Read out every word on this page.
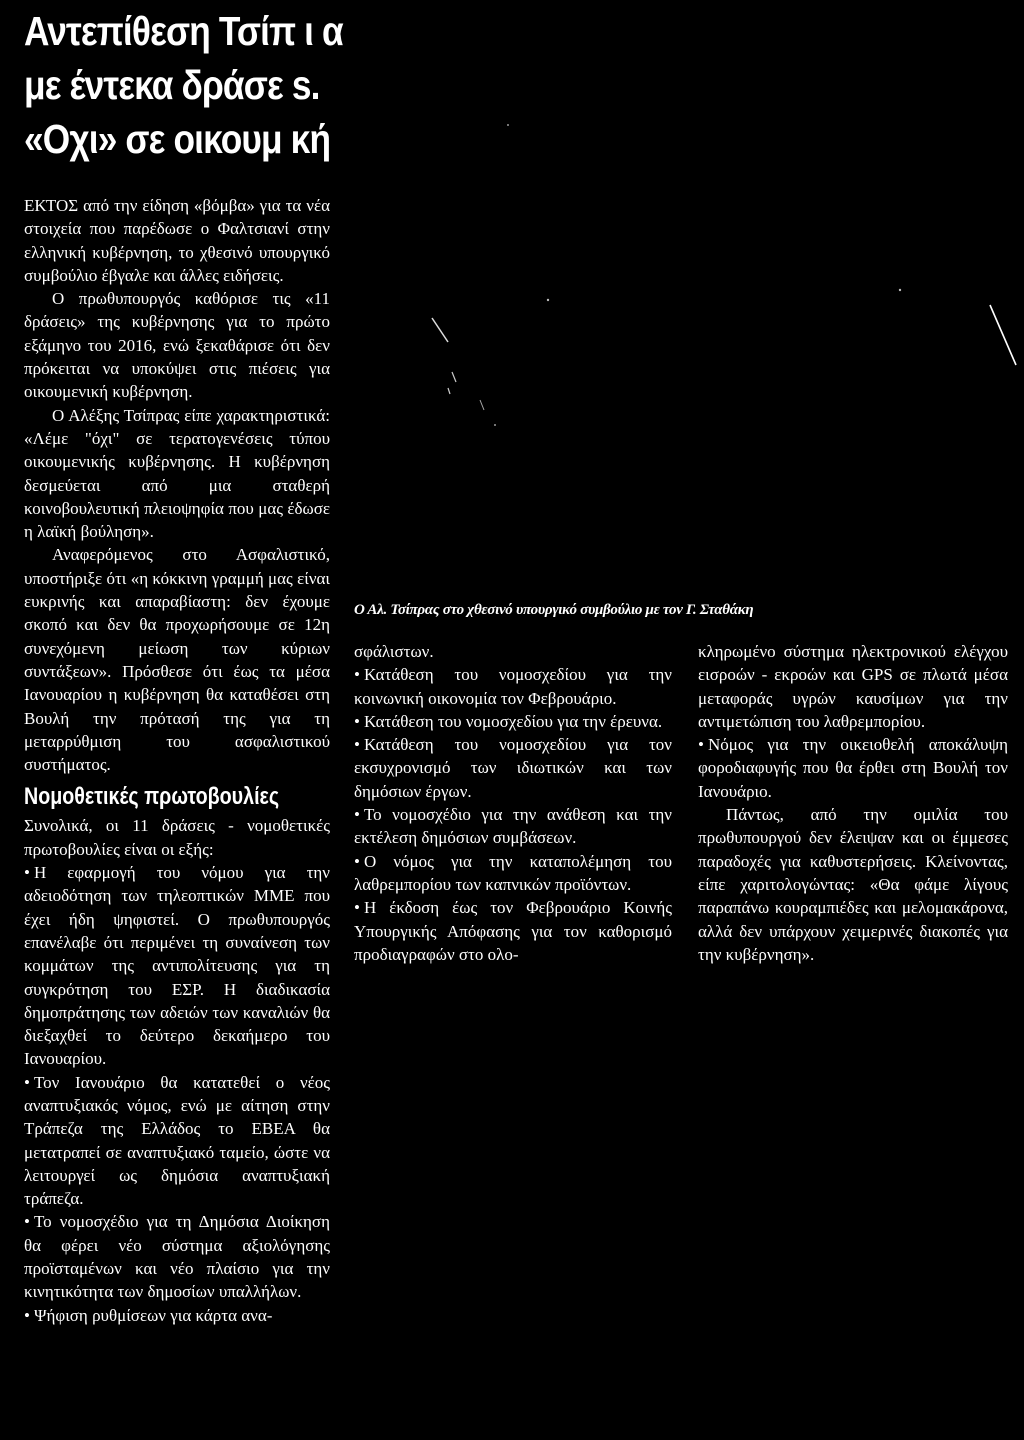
Αντεπίθεση Τσίπ ι α
με έντεκα δράσε s.
«Οχι» σε οικουμ κή
Ο Αλ. Τσίπρας στο χθεσινό υπουργικό συμβούλιο με τον Γ. Σταθάκη

ΕΚΤΟΣ από την είδηση «βόμβα» για τα νέα στοιχεία που παρέδωσε ο Φαλτσιανί στην ελληνική κυβέρνηση, το χθεσινό υπουργικό συμβούλιο έβγαλε και άλλες ειδήσεις.

Ο πρωθυπουργός καθόρισε τις «11 δράσεις» της κυβέρνησης για το πρώτο εξάμηνο του 2016, ενώ ξεκαθάρισε ότι δεν πρόκειται να υποκύψει στις πιέσεις για οικουμενική κυβέρνηση.

Ο Αλέξης Τσίπρας είπε χαρακτηριστικά: «Λέμε "όχι" σε τερατογενέσεις τύπου οικουμενικής κυβέρνησης. Η κυβέρνηση δεσμεύεται από μια σταθερή κοινοβουλευτική πλειοψηφία που μας έδωσε η λαϊκή βούληση».

Αναφερόμενος στο Ασφαλιστικό, υποστήριξε ότι «η κόκκινη γραμμή μας είναι ευκρινής και απαραβίαστη: δεν έχουμε σκοπό και δεν θα προχωρήσουμε σε 12η συνεχόμενη μείωση των κύριων συντάξεων». Πρόσθεσε ότι έως τα μέσα Ιανουαρίου η κυβέρνηση θα καταθέσει στη Βουλή την πρότασή της για τη μεταρρύθμιση του ασφαλιστικού συστήματος.

Νομοθετικές πρωτοβουλίες

Συνολικά, οι 11 δράσεις - νομοθετικές πρωτοβουλίες είναι οι εξής:

• Η εφαρμογή του νόμου για την αδειοδότηση των τηλεοπτικών ΜΜΕ που έχει ήδη ψηφιστεί. Ο πρωθυπουργός επανέλαβε ότι περιμένει τη συναίνεση των κομμάτων της αντιπολίτευσης για τη συγκρότηση του ΕΣΡ. Η διαδικασία δημοπράτησης των αδειών των καναλιών θα διεξαχθεί το δεύτερο δεκαήμερο του Ιανουαρίου.

• Τον Ιανουάριο θα κατατεθεί ο νέος αναπτυξιακός νόμος, ενώ με αίτηση στην Τράπεζα της Ελλάδος το ΕΒΕΑ θα μετατραπεί σε αναπτυξιακό ταμείο, ώστε να λειτουργεί ως δημόσια αναπτυξιακή τράπεζα.

• Το νομοσχέδιο για τη Δημόσια Διοίκηση θα φέρει νέο σύστημα αξιολόγησης προϊσταμένων και νέο πλαίσιο για την κινητικότητα των δημοσίων υπαλλήλων.

• Ψήφιση ρυθμίσεων για κάρτα ανα-

σφάλιστων.

• Κατάθεση του νομοσχεδίου για την κοινωνική οικονομία τον Φεβρουάριο.

• Κατάθεση του νομοσχεδίου για την έρευνα.

• Κατάθεση του νομοσχεδίου για τον εκσυχρονισμό των ιδιωτικών και των δημόσιων έργων.

• Το νομοσχέδιο για την ανάθεση και την εκτέλεση δημόσιων συμβάσεων.

• Ο νόμος για την καταπολέμηση του λαθρεμπορίου των καπνικών προϊόντων.

• Η έκδοση έως τον Φεβρουάριο Κοινής Υπουργικής Απόφασης για τον καθορισμό προδιαγραφών στο ολο-

κληρωμένο σύστημα ηλεκτρονικού ελέγχου εισροών - εκροών και GPS σε πλωτά μέσα μεταφοράς υγρών καυσίμων για την αντιμετώπιση του λαθρεμπορίου.

• Νόμος για την οικειοθελή αποκάλυψη φοροδιαφυγής που θα έρθει στη Βουλή τον Ιανουάριο.

Πάντως, από την ομιλία του πρωθυπουργού δεν έλειψαν και οι έμμεσες παραδοχές για καθυστερήσεις. Κλείνοντας, είπε χαριτολογώντας: «Θα φάμε λίγους παραπάνω κουραμπιέδες και μελομακάρονα, αλλά δεν υπάρχουν χειμερινές διακοπές για την κυβέρνηση».
